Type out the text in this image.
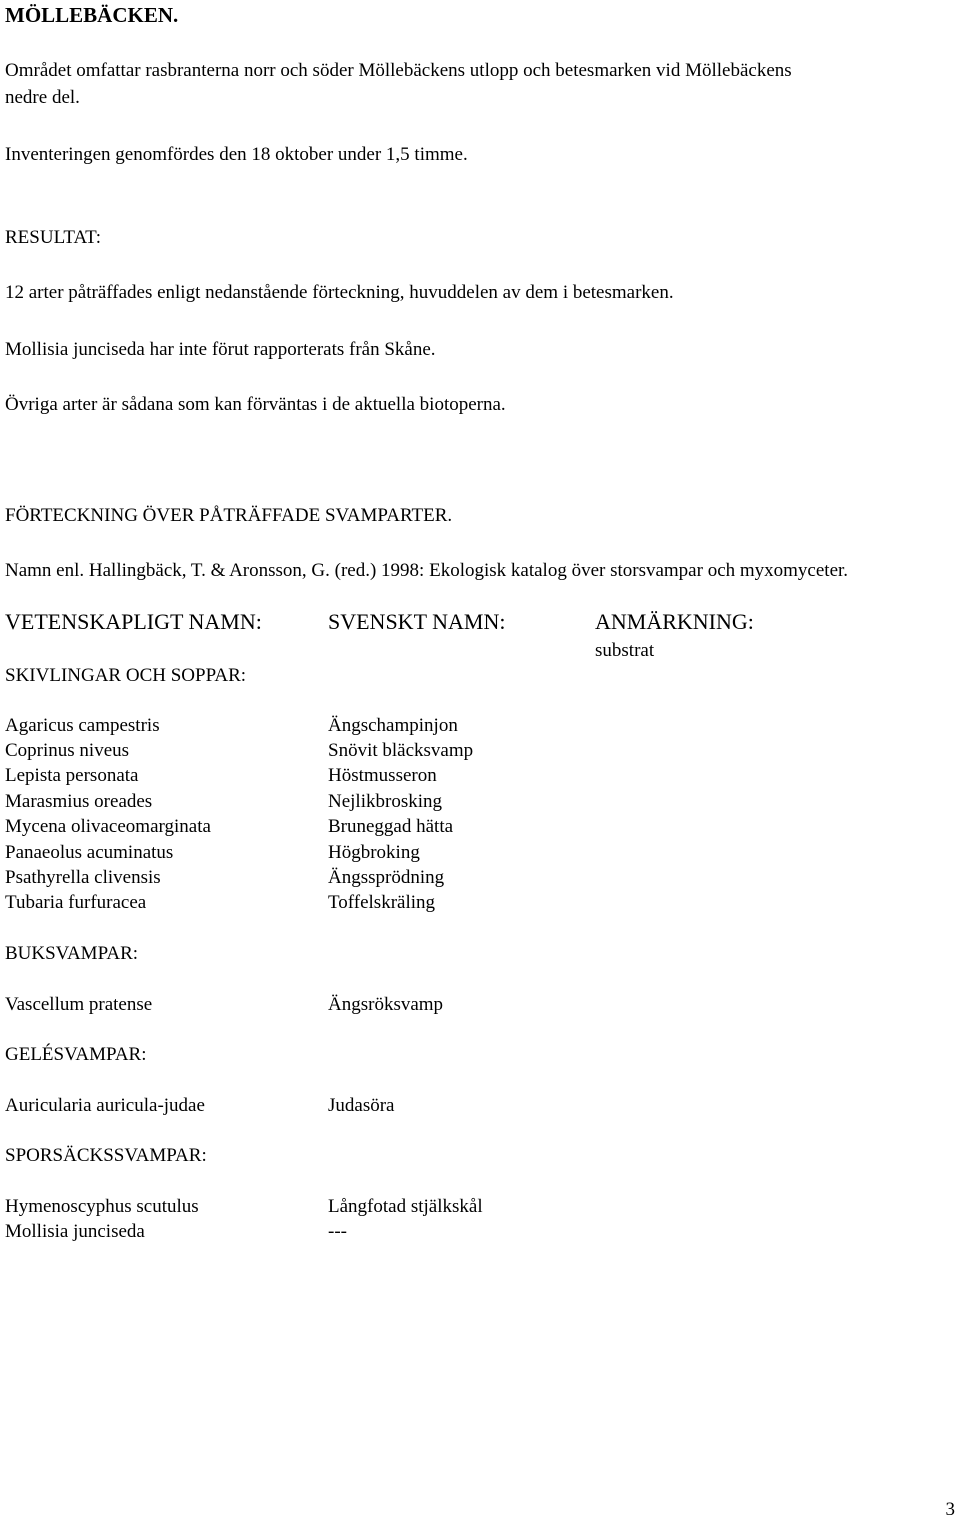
MÖLLEBÄCKEN.
Området omfattar rasbranterna norr och söder Möllebäckens utlopp och betesmarken vid Möllebäckens
nedre del.
Inventeringen genomfördes den 18 oktober under 1,5 timme.
RESULTAT:
12 arter påträffades enligt nedanstående förteckning, huvuddelen av dem i betesmarken.
Mollisia junciseda har inte förut rapporterats från Skåne.
Övriga arter är sådana som kan förväntas i de aktuella biotoperna.
FÖRTECKNING ÖVER PÅTRÄFFADE SVAMPARTER.
Namn enl. Hallingbäck, T. & Aronsson, G. (red.) 1998: Ekologisk katalog över storsvampar och myxomyceter.
VETENSKAPLIGT NAMN:	SVENSKT NAMN:	ANMÄRKNING:
substrat
SKIVLINGAR OCH SOPPAR:
Agaricus campestris	Ängschampinjon
Coprinus niveus	Snövit bläcksvamp
Lepista personata	Höstmusseron
Marasmius oreades	Nejlikbrosking
Mycena olivaceomarginata	Bruneggad hätta
Panaeolus acuminatus	Högbroking
Psathyrella clivensis	Ängssprödning
Tubaria furfuracea	Toffelskräling
BUKSVAMPAR:
Vascellum pratense	Ängsröksvamp
GELÉSVAMPAR:
Auricularia auricula-judae	Judasöra
SPORSÄCKSSVAMPAR:
Hymenoscyphus scutulus	Långfotad stjälkskål
Mollisia junciseda	---
3
